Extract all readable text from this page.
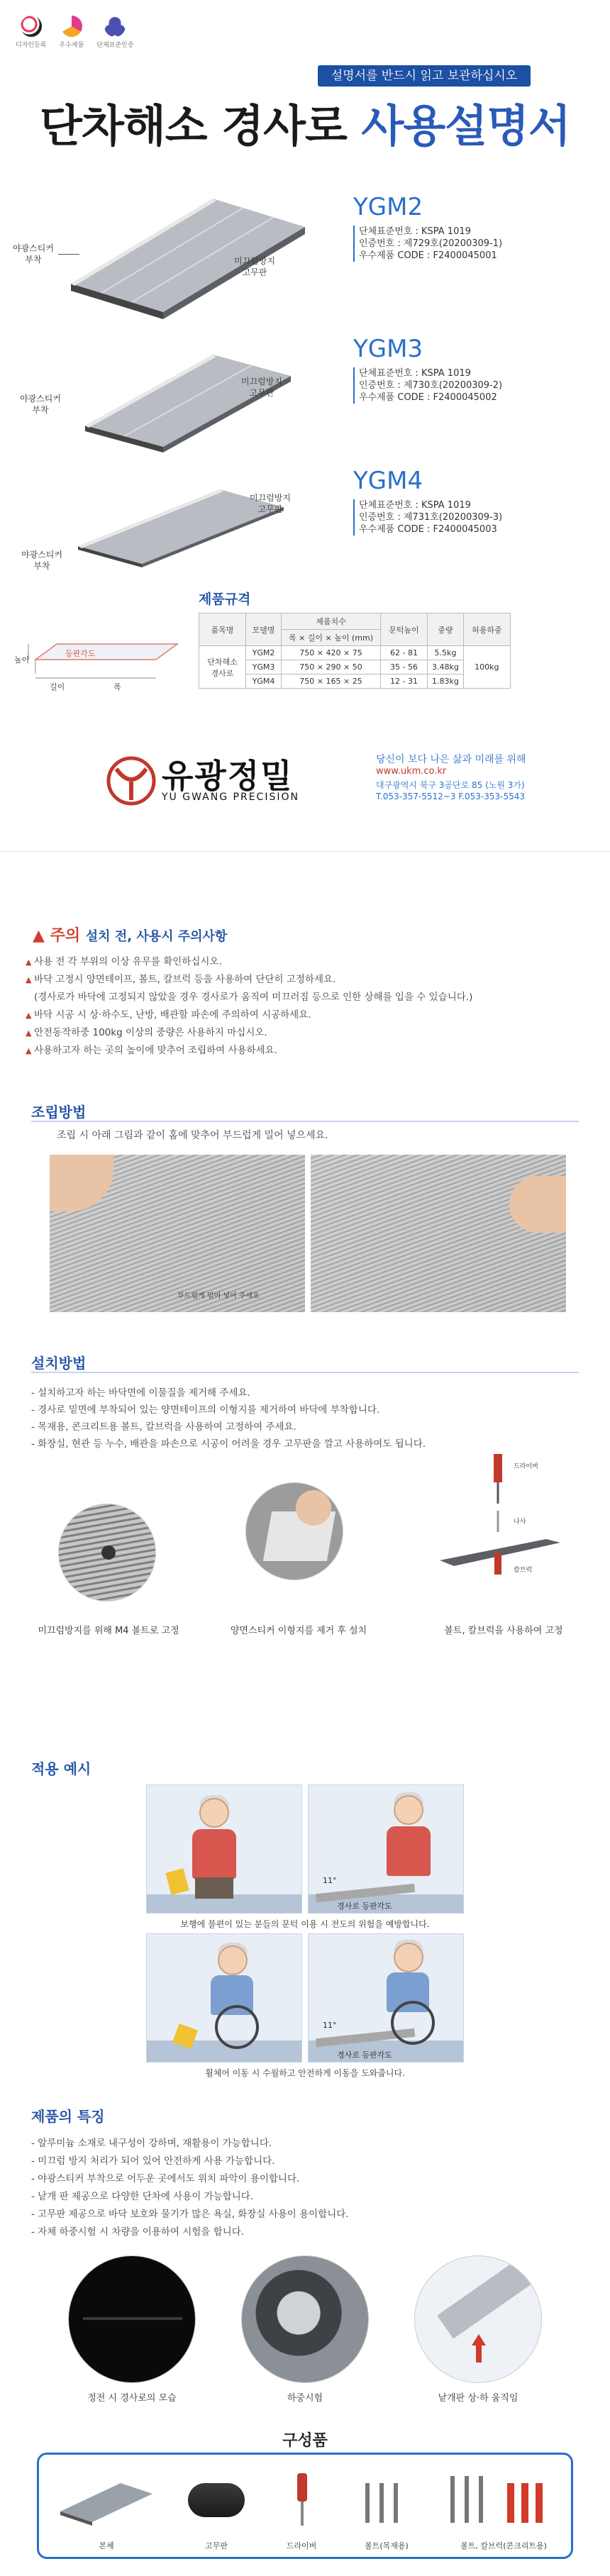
디자인등록 우수제품 단체표준인증
설명서를 반드시 읽고 보관하십시오
단차해소 경사로 사용설명서
야광스티커
부착	미끄럼방지
고무판
YGM2
단체표준번호 : KSPA 1019
인증번호 : 제729호(20200309-1)
우수제품 CODE : F2400045001
야광스티커
부착
미끄럼방지
고무판
YGM3
단체표준번호 : KSPA 1019
인증번호 : 제730호(20200309-2)
우수제품 CODE : F2400045002
야광스티커
부착
미끄럼방지
고무판
YGM4
단체표준번호 : KSPA 1019
인증번호 : 제731호(20200309-3)
우수제품 CODE : F2400045003
제품규격
높이
등판각도
길이	폭
품목명	모델명	제품치수	문턱높이	중량	허용하중
		폭 × 길이 × 높이 (mm)			
단차해소
경사로	YGM2	750 × 420 × 75	62 - 81	5.5kg	100kg
	YGM3	750 × 290 × 50	35 - 56	3.48kg	
	YGM4	750 × 165 × 25	12 - 31	1.83kg	
유광정밀
YU GWANG PRECISION
당신이 보다 나은 삶과 미래를 위해
www.ukm.co.kr
대구광역시 북구 3공단로 85 (노원 3가)
T.053-357-5512~3 F.053-353-5543
▲ 주의 설치 전, 사용시 주의사항
▲ 사용 전 각 부위의 이상 유무를 확인하십시오.
▲ 바닥 고정시 양면테이프, 볼트, 칼브럭 등을 사용하여 단단히 고정하세요.
(경사로가 바닥에 고정되지 않았을 경우 경사로가 움직여 미끄러짐 등으로 인한 상해를 입을 수 있습니다.)
▲ 바닥 시공 시 상·하수도, 난방, 배관할 파손에 주의하여 시공하세요.
▲ 안전동작하중 100kg 이상의 중량은 사용하지 마십시오.
▲ 사용하고자 하는 곳의 높이에 맞추어 조립하여 사용하세요.
조립방법
조립 시 아래 그림과 같이 홈에 맞추어 부드럽게 밀어 넣으세요.
부드럽게 밀어 넣어 주세요
설치방법
- 설치하고자 하는 바닥면에 이물질을 제거해 주세요.
- 경사로 밑면에 부착되어 있는 양면테이프의 이형지를 제거하여 바닥에 부착합니다.
- 목재용, 콘크리트용 볼트, 칼브럭을 사용하여 고정하여 주세요.
- 화장실, 현관 등 누수, 배관을 파손으로 시공이 어려울 경우 고무판을 깔고 사용하여도 됩니다.
미끄럼방지를 위해 M4 볼트로 고정	양면스티커 이형지를 제거 후 설치
드라이버
나사
칼브럭
볼트, 칼브럭을 사용하여 고정
적용 예시
11°
경사로 등판각도
보행에 불편이 있는 분들의 문턱 이용 시 전도의 위험을 예방합니다.
11°
경사로 등판각도
휠체어 이동 시 수월하고 안전하게 이동을 도와줍니다.
제품의 특징
- 알루미늄 소재로 내구성이 강하며, 재활용이 가능합니다.
- 미끄럼 방지 처리가 되어 있어 안전하게 사용 가능합니다.
- 야광스티커 부착으로 어두운 곳에서도 위치 파악이 용이합니다.
- 낱개 판 제공으로 다양한 단차에 사용이 가능합니다.
- 고무판 제공으로 바닥 보호와 물기가 많은 욕실, 화장실 사용이 용이합니다.
- 자체 하중시험 시 차량을 이용하여 시험을 합니다.
정전 시 경사로의 모습	하중시험	낱개판 상·하 움직임
구성품
본체	고무판	드라이버	볼트(목재용)	볼트, 칼브럭(콘크리트용)
